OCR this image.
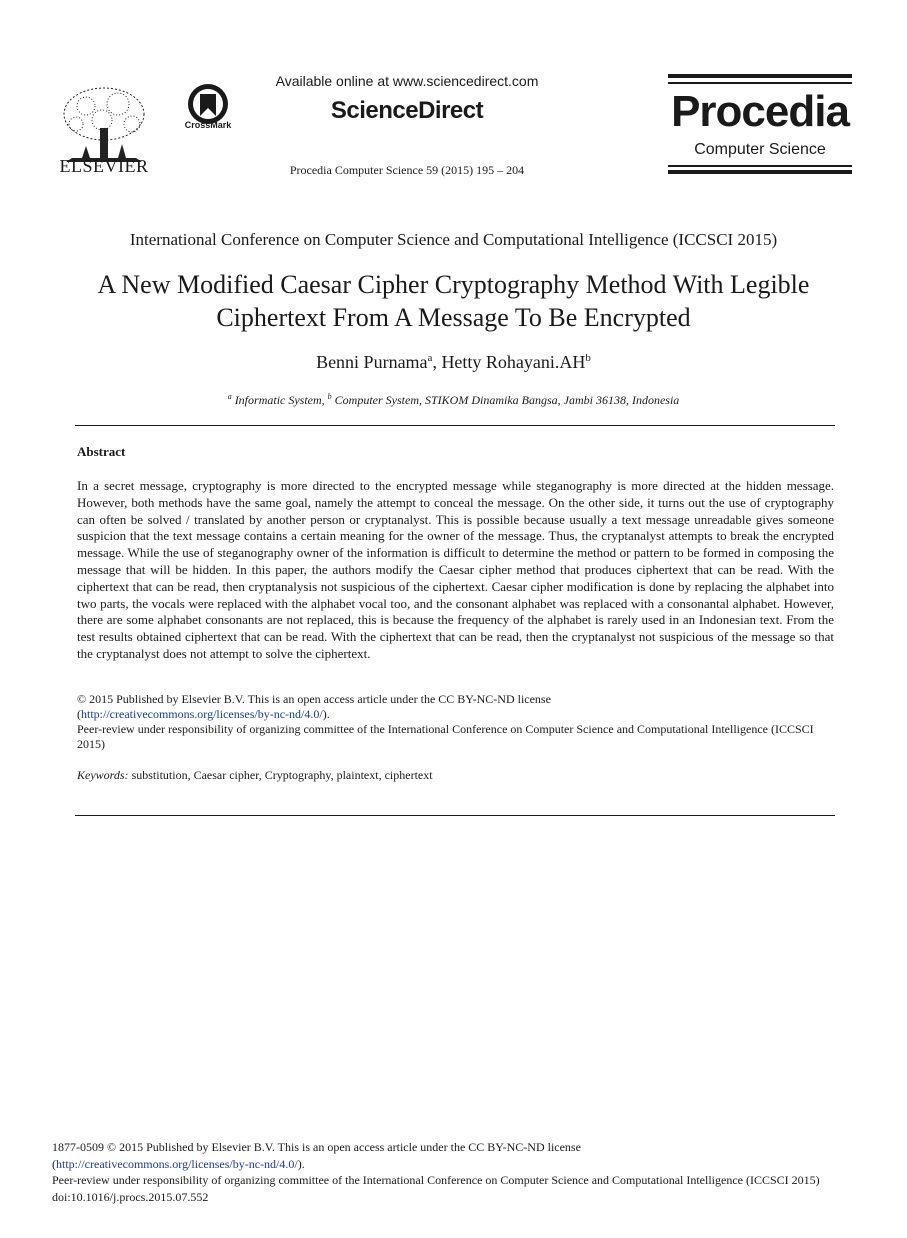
ELSEVIER
CrossMark
Available online at www.sciencedirect.com
ScienceDirect
Procedia Computer Science 59 (2015) 195 – 204
Procedia
Computer Science
International Conference on Computer Science and Computational Intelligence (ICCSCI 2015)
A New Modified Caesar Cipher Cryptography Method With Legible
Ciphertext From A Message To Be Encrypted
Benni Purnama$^a$, Hetty $Rohayani.AH^b$
$^a$ Informatic System, $^b$ Computer System, STIKOM Dinamika Bangsa, Jambi 36138, Indonesia
Abstract
In a secret message, cryptography is more directed to the encrypted message while steganography is more directed at the hidden message. However, both methods have the same goal, namely the attempt to conceal the message. On the other side, it turns out the use of cryptography can often be solved / translated by another person or cryptanalyst. This is possible because usually a text message unreadable gives someone suspicion that the text message contains a certain meaning for the owner of the message. Thus, the cryptanalyst attempts to break the encrypted message. While the use of steganography owner of the information is difficult to determine the method or pattern to be formed in composing the message that will be hidden. In this paper, the authors modify the Caesar cipher method that produces ciphertext that can be read. With the ciphertext that can be read, then cryptanalysis not suspicious of the ciphertext. Caesar cipher modification is done by replacing the alphabet into two parts, the vocals were replaced with the alphabet vocal too, and the consonant alphabet was replaced with a consonantal alphabet. However, there are some alphabet consonants are not replaced, this is because the frequency of the alphabet is rarely used in an Indonesian text. From the test results obtained ciphertext that can be read. With the ciphertext that can be read, then the cryptanalyst not suspicious of the message so that the cryptanalyst does not attempt to solve the ciphertext.
© 2015 Published by Elsevier B.V. This is an open access article under the CC BY-NC-ND license
(http://creativecommons.org/licenses/by-nc-nd/4.0/).
Peer-review under responsibility of organizing committee of the International Conference on Computer Science and Computational Intelligence (ICCSCI 2015)
Keywords: substitution, Caesar cipher, Cryptography, plaintext, ciphertext
1877-0509 © 2015 Published by Elsevier B.V. This is an open access article under the CC BY-NC-ND license
(http://creativecommons.org/licenses/by-nc-nd/4.0/).
Peer-review under responsibility of organizing committee of the International Conference on Computer Science and Computational Intelligence (ICCSCI 2015)
doi:10.1016/j.procs.2015.07.552
